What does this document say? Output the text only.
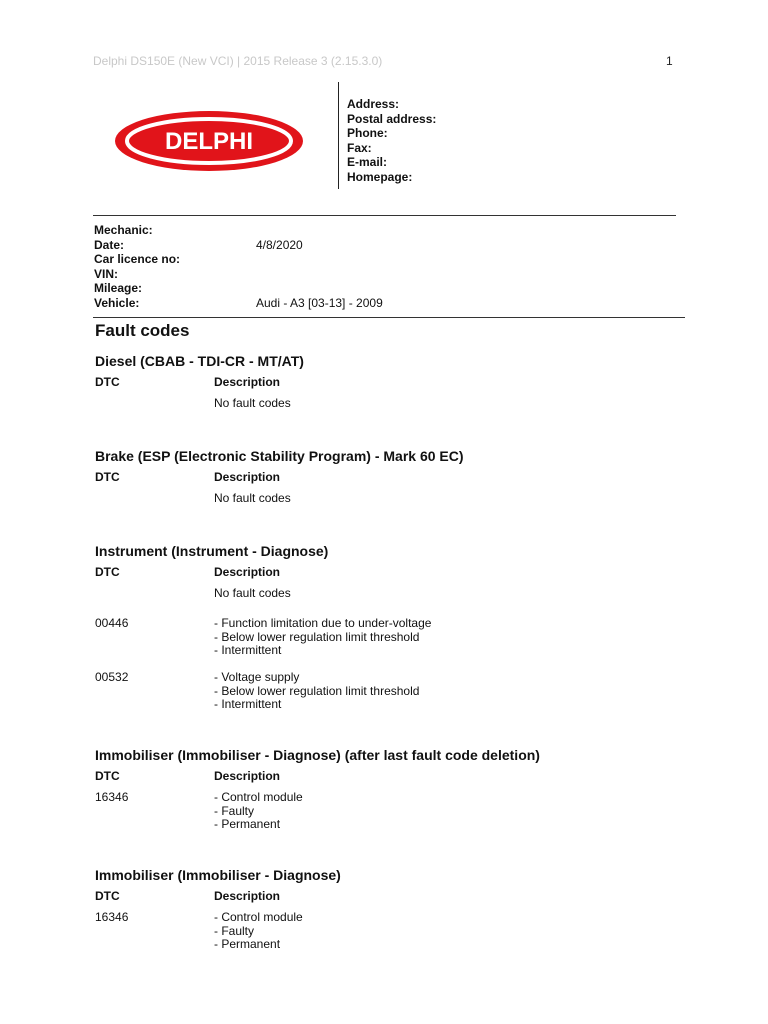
Delphi DS150E (New VCI) | 2015 Release 3 (2.15.3.0)	1
DELPHI
Address:
Postal address:
Phone:
Fax:
E-mail:
Homepage:
Mechanic:
Date:	4/8/2020
Car licence no:
VIN:
Mileage:
Vehicle:	Audi - A3 [03-13] - 2009
Fault codes
Diesel (CBAB - TDI-CR - MT/AT)
DTC	Description
No fault codes
Brake (ESP (Electronic Stability Program) - Mark 60 EC)
DTC	Description
No fault codes
Instrument (Instrument - Diagnose)
DTC	Description
No fault codes
00446	- Function limitation due to under-voltage
- Below lower regulation limit threshold
- Intermittent
00532	- Voltage supply
- Below lower regulation limit threshold
- Intermittent
Immobiliser (Immobiliser - Diagnose) (after last fault code deletion)
DTC	Description
16346	- Control module
- Faulty
- Permanent
Immobiliser (Immobiliser - Diagnose)
DTC	Description
16346	- Control module
- Faulty
- Permanent
